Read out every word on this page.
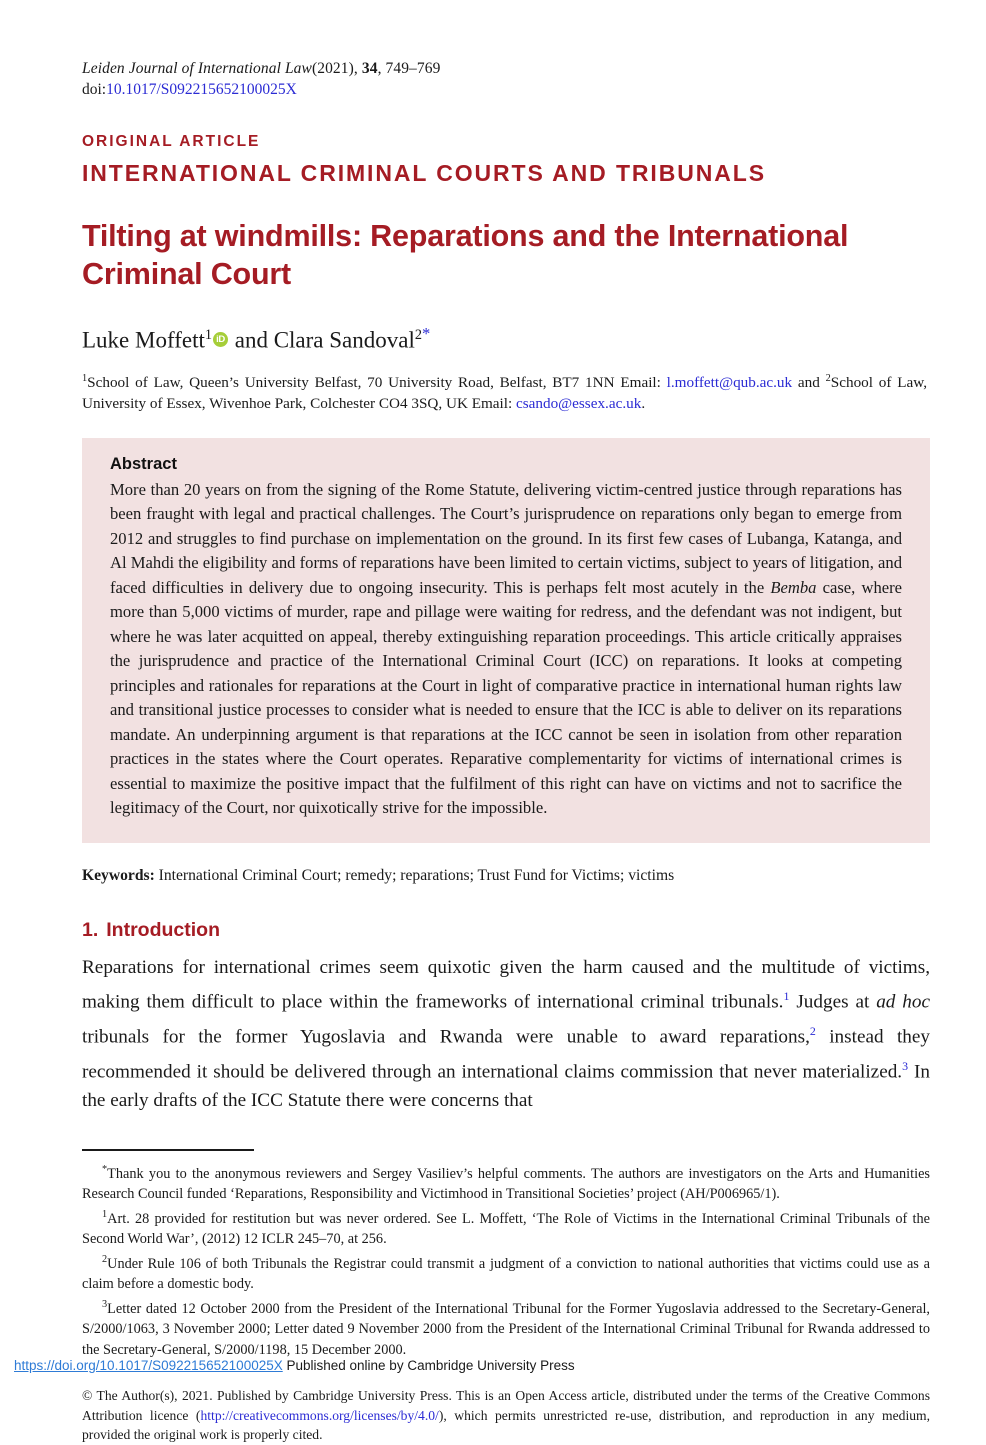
Leiden Journal of International Law(2021), 34, 749–769
doi:10.1017/S092215652100025X
ORIGINAL ARTICLE
INTERNATIONAL CRIMINAL COURTS AND TRIBUNALS
Tilting at windmills: Reparations and the International Criminal Court
Luke Moffett$^1$iD and Clara Sandoval$^{2*}$
$^1$School of Law, Queen’s University Belfast, 70 University Road, Belfast, BT7 1NN Email: l.moffett@qub.ac.uk and $^2$School of Law, University of Essex, Wivenhoe Park, Colchester CO4 3SQ, UK Email: csando@essex.ac.uk.
Abstract
More than 20 years on from the signing of the Rome Statute, delivering victim-centred justice through reparations has been fraught with legal and practical challenges. The Court’s jurisprudence on reparations only began to emerge from 2012 and struggles to find purchase on implementation on the ground. In its first few cases of Lubanga, Katanga, and Al Mahdi the eligibility and forms of reparations have been limited to certain victims, subject to years of litigation, and faced difficulties in delivery due to ongoing insecurity. This is perhaps felt most acutely in the Bemba case, where more than 5,000 victims of murder, rape and pillage were waiting for redress, and the defendant was not indigent, but where he was later acquitted on appeal, thereby extinguishing reparation proceedings. This article critically appraises the jurisprudence and practice of the International Criminal Court (ICC) on reparations. It looks at competing principles and rationales for reparations at the Court in light of comparative practice in international human rights law and transitional justice processes to consider what is needed to ensure that the ICC is able to deliver on its reparations mandate. An underpinning argument is that reparations at the ICC cannot be seen in isolation from other reparation practices in the states where the Court operates. Reparative complementarity for victims of international crimes is essential to maximize the positive impact that the fulfilment of this right can have on victims and not to sacrifice the legitimacy of the Court, nor quixotically strive for the impossible.
Keywords: International Criminal Court; remedy; reparations; Trust Fund for Victims; victims
1. Introduction
Reparations for international crimes seem quixotic given the harm caused and the multitude of victims, making them difficult to place within the frameworks of international criminal tribunals.$^1$ Judges at ad hoc tribunals for the former Yugoslavia and Rwanda were unable to award reparations,$^2$ instead they recommended it should be delivered through an international claims commission that never materialized.$^3$ In the early drafts of the ICC Statute there were concerns that
*Thank you to the anonymous reviewers and Sergey Vasiliev’s helpful comments. The authors are investigators on the Arts and Humanities Research Council funded ‘Reparations, Responsibility and Victimhood in Transitional Societies’ project (AH/P006965/1).
$^1$Art. 28 provided for restitution but was never ordered. See L. Moffett, ‘The Role of Victims in the International Criminal Tribunals of the Second World War’, (2012) 12 ICLR 245–70, at 256.
$^2$Under Rule 106 of both Tribunals the Registrar could transmit a judgment of a conviction to national authorities that victims could use as a claim before a domestic body.
$^3$Letter dated 12 October 2000 from the President of the International Tribunal for the Former Yugoslavia addressed to the Secretary-General, S/2000/1063, 3 November 2000; Letter dated 9 November 2000 from the President of the International Criminal Tribunal for Rwanda addressed to the Secretary-General, S/2000/1198, 15 December 2000.
© The Author(s), 2021. Published by Cambridge University Press. This is an Open Access article, distributed under the terms of the Creative Commons Attribution licence (http://creativecommons.org/licenses/by/4.0/), which permits unrestricted re-use, distribution, and reproduction in any medium, provided the original work is properly cited.
https://doi.org/10.1017/S092215652100025X Published online by Cambridge University Press
